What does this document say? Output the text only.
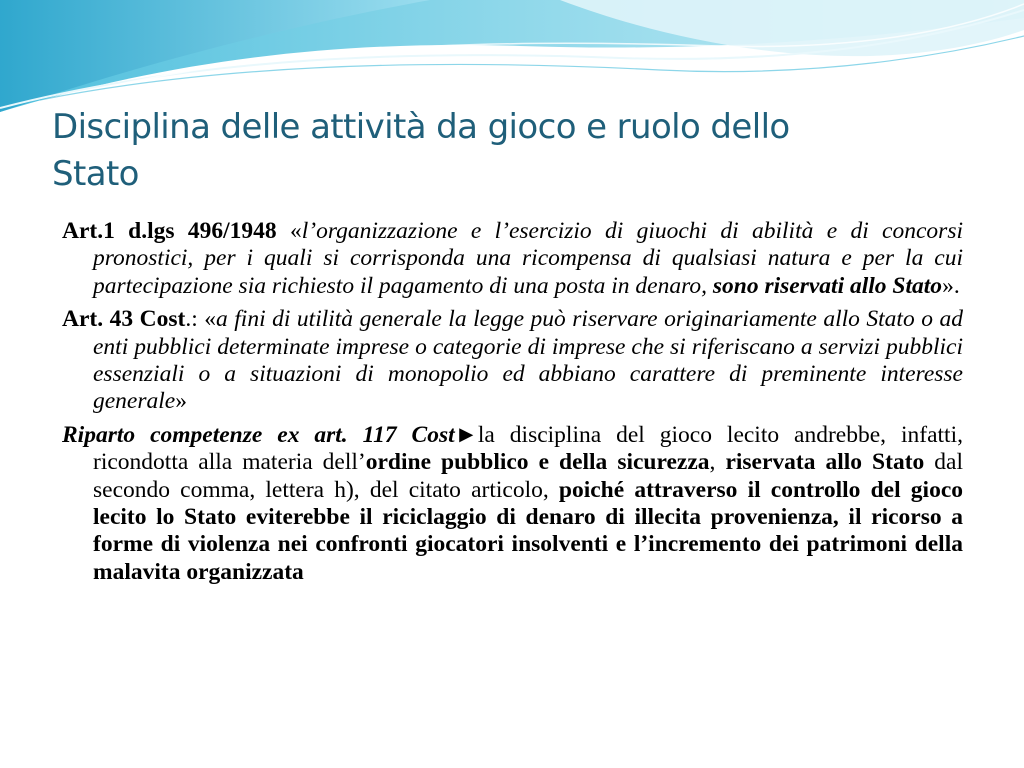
Disciplina delle attività da gioco e ruolo dello
Stato
Art.1 d.lgs 496/1948 «l’organizzazione e l’esercizio di giuochi di abilità e di concorsi pronostici, per i quali si corrisponda una ricompensa di qualsiasi natura e per la cui partecipazione sia richiesto il pagamento di una posta in denaro, sono riservati allo Stato».
Art. 43 Cost.: «a fini di utilità generale la legge può riservare originariamente allo Stato o ad enti pubblici determinate imprese o categorie di imprese che si riferiscano a servizi pubblici essenziali o a situazioni di monopolio ed abbiano carattere di preminente interesse generale»
Riparto competenze ex art. 117 Cost►la disciplina del gioco lecito andrebbe, infatti, ricondotta alla materia dell’ordine pubblico e della sicurezza, riservata allo Stato dal secondo comma, lettera h), del citato articolo, poiché attraverso il controllo del gioco lecito lo Stato eviterebbe il riciclaggio di denaro di illecita provenienza, il ricorso a forme di violenza nei confronti giocatori insolventi e l’incremento dei patrimoni della malavita organizzata
